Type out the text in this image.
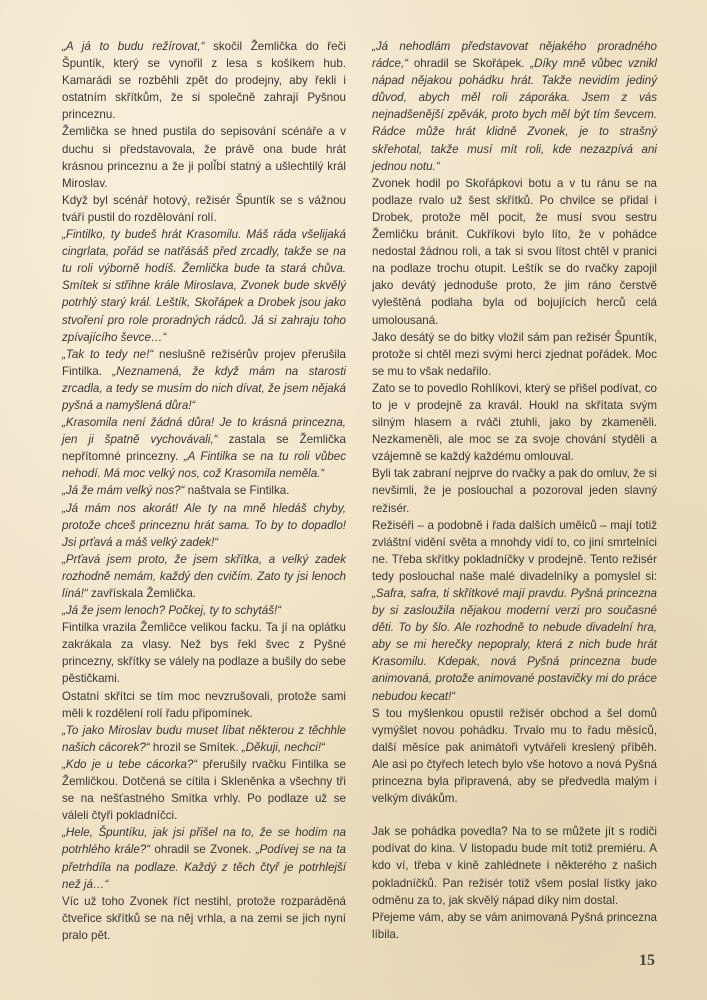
„A já to budu režírovat,“ skočil Žemlička do řeči Špuntík, který se vynořil z lesa s košíkem hub. Kamarádi se rozběhli zpět do prodejny, aby řekli i ostatním skřítkům, že si společně zahrají Pyšnou princeznu.

Žemlička se hned pustila do sepisování scénáře a v duchu si představovala, že právě ona bude hrát krásnou princeznu a že ji polí̌bí statný a ušlechtilý král Miroslav.

Když byl scénář hotový, režisér Špuntík se s vážnou tváří pustil do rozdělování rolí.

„Fintilko, ty budeš hrát Krasomilu. Máš ráda všelijaká cingrlata, pořád se natřásáš před zrcadly, takže se na tu roli výborně hodíš. Žemlička bude ta stará chůva. Smítek si střihne krále Miroslava, Zvonek bude skvělý potrhlý starý král. Leštík, Skořápek a Drobek jsou jako stvoření pro role proradných rádců. Já si zahraju toho zpívajícího ševce…“

„Tak to tedy ne!“ neslušně režisérův projev přerušila Fintilka. „Neznamená, že když mám na starosti zrcadla, a tedy se musím do nich dívat, že jsem nějaká pyšná a namyšlená důra!“

„Krasomila není žádná důra! Je to krásná princezna, jen ji špatně vychovávali,“ zastala se Žemlička nepřítomné princezny. „A Fintilka se na tu roli vůbec nehodí. Má moc velký nos, což Krasomila neměla.“

„Já že mám velký nos?“ naštvala se Fintilka.

„Já mám nos akorát! Ale ty na mně hledáš chyby, protože chceš princeznu hrát sama. To by to dopadlo! Jsi prťavá a máš velký zadek!“

„Prťavá jsem proto, že jsem skřítka, a velký zadek rozhodně nemám, každý den cvičím. Zato ty jsi lenoch líná!“ zavřískala Žemlička.

„Já že jsem lenoch? Počkej, ty to schytáš!“

Fintilka vrazila Žemličce velikou facku. Ta jí na oplátku zakrákala za vlasy. Než bys řekl švec z Pyšné princezny, skřítky se válely na podlaze a bušily do sebe pěstičkami.

Ostatní skřítci se tím moc nevzrušovali, protože sami měli k rozdělení rolí řadu připomínek.

„To jako Miroslav budu muset líbat některou z těchhle našich cácorek?“ hrozil se Smítek. „Děkuji, nechci!“

„Kdo je u tebe cácorka?“ přerušily rvačku Fintilka se Žemličkou. Dotčená se cítila i Skleněnka a všechny tři se na nešťastného Smítka vrhly. Po podlaze už se váleli čtyři pokladníčci.

„Hele, Špuntíku, jak jsi přišel na to, že se hodím na potrhlého krále?“ ohradil se Zvonek. „Podívej se na ta přetrhdíla na podlaze. Každý z těch čtyř je potrhlejší než já…“

Víc už toho Zvonek říct nestihl, protože rozparáděná čtveřice skřítků se na něj vrhla, a na zemi se jich nyní pralo pět.

„Já nehodlám představovat nějakého proradného rádce,“ ohradil se Skořápek. „Díky mně vůbec vznikl nápad nějakou pohádku hrát. Takže nevidím jediný důvod, abych měl roli záporáka. Jsem z vás nejnadšenější zpěvák, proto bych měl být tím ševcem. Rádce může hrát klidně Zvonek, je to strašný skřehotal, takže musí mít roli, kde nezazpívá ani jednou notu.“

Zvonek hodil po Skořápkovi botu a v tu ránu se na podlaze rvalo už šest skřítků. Po chvilce se přidal i Drobek, protože měl pocit, že musí svou sestru Žemličku bránit. Cukříkovi bylo líto, že v pohádce nedostal žádnou roli, a tak si svou lítost chtěl v pranici na podlaze trochu otupit. Leštík se do rvačky zapojil jako devátý jednoduše proto, že jim ráno čerstvě vyleštěná podlaha byla od bojujících herců celá umolousaná.

Jako desátý se do bitky vložil sám pan režisér Špuntík, protože si chtěl mezi svými herci zjednat pořádek. Moc se mu to však nedařilo.

Zato se to povedlo Rohlíkovi, který se přišel podívat, co to je v prodejně za kravál. Houkl na skřítata svým silným hlasem a rváči ztuhli, jako by zkameněli. Nezkameněli, ale moc se za svoje chování styděli a vzájemně se každý každému omlouval.

Byli tak zabraní nejprve do rvačky a pak do omluv, že si nevšimli, že je poslouchal a pozoroval jeden slavný režisér.

Režiséři – a podobně i řada dalších umělců – mají totiž zvláštní vidění světa a mnohdy vidí to, co jiní smrtelníci ne. Třeba skřítky pokladníčky v prodejně. Tento režisér tedy poslouchal naše malé divadelníky a pomyslel si: „Safra, safra, ti skřítkové mají pravdu. Pyšná princezna by si zasloužila nějakou moderní verzi pro současné děti. To by šlo. Ale rozhodně to nebude divadelní hra, aby se mi herečky nepopraly, která z nich bude hrát Krasomilu. Kdepak, nová Pyšná princezna bude animovaná, protože animované postavičky mi do práce nebudou kecat!“

S tou myšlenkou opustil režisér obchod a šel domů vymýšlet novou pohádku. Trvalo mu to řadu měsíců, další měsíce pak animátoři vytvářeli kreslený příběh. Ale asi po čtyřech letech bylo vše hotovo a nová Pyšná princezna byla připravená, aby se předvedla malým i velkým divákům.

Jak se pohádka povedla? Na to se můžete jít s rodiči podívat do kina. V listopadu bude mít totiž premiéru. A kdo ví, třeba v kině zahlédnete i některého z našich pokladníčků. Pan režisér totiž všem poslal lístky jako odměnu za to, jak skvělý nápad díky nim dostal.

Přejeme vám, aby se vám animovaná Pyšná princezna líbila.

15
